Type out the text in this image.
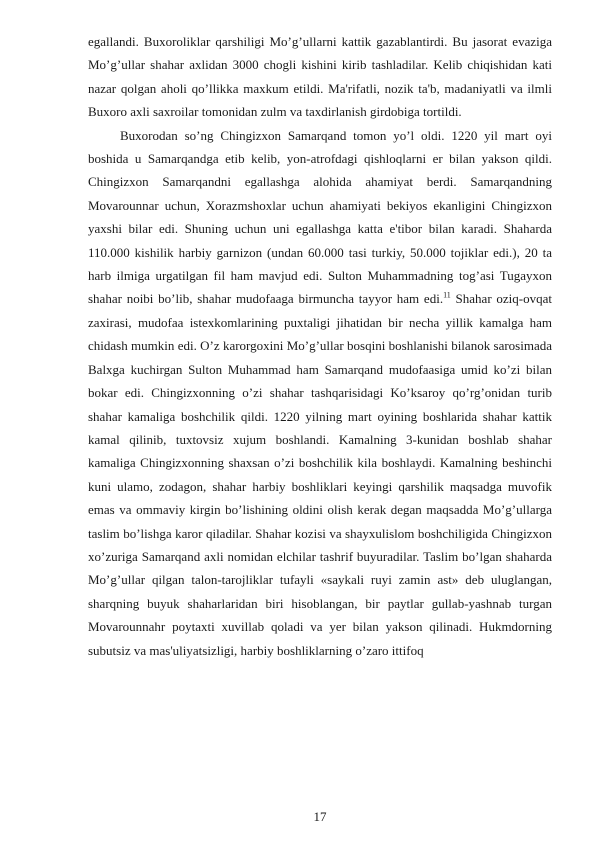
egallandi. Buxoroliklar qarshiligi Mo’g’ullarni kattik gazablantirdi. Bu jasorat evaziga Mo’g’ullar shahar axlidan 3000 chogli kishini kirib tashladilar. Kelib chiqishidan kati nazar qolgan aholi qo’llikka maxkum etildi. Ma'rifatli, nozik ta'b, madaniyatli va ilmli Buxoro axli saxroilar tomonidan zulm va taxdirlanish girdobiga tortildi.

Buxorodan so’ng Chingizxon Samarqand tomon yo’l oldi. 1220 yil mart oyi boshida u Samarqandga etib kelib, yon-atrofdagi qishloqlarni er bilan yakson qildi. Chingizxon Samarqandni egallashga alohida ahamiyat berdi. Samarqandning Movarounnar uchun, Xorazmshoxlar uchun ahamiyati bekiyos ekanligini Chingizxon yaxshi bilar edi. Shuning uchun uni egallashga katta e'tibor bilan karadi. Shaharda 110.000 kishilik harbiy garnizon (undan 60.000 tasi turkiy, 50.000 tojiklar edi.), 20 ta harb ilmiga urgatilgan fil ham mavjud edi. Sulton Muhammadning tog’asi Tugayxon shahar noibi bo’lib, shahar mudofaaga birmuncha tayyor ham edi.$^{11}$ Shahar oziq-ovqat zaxirasi, mudofaa istexkomlarining puxtaligi jihatidan bir necha yillik kamalga ham chidash mumkin edi. O’z karorgoxini Mo’g’ullar bosqini boshlanishi bilanok sarosimada Balxga kuchirgan Sulton Muhammad ham Samarqand mudofaasiga umid ko’zi bilan bokar edi. Chingizxonning o’zi shahar tashqarisidagi Ko’ksaroy qo’rg’onidan turib shahar kamaliga boshchilik qildi. 1220 yilning mart oyining boshlarida shahar kattik kamal qilinib, tuxtovsiz xujum boshlandi. Kamalning 3-kunidan boshlab shahar kamaliga Chingizxonning shaxsan o’zi boshchilik kila boshlaydi. Kamalning beshinchi kuni ulamo, zodagon, shahar harbiy boshliklari keyingi qarshilik maqsadga muvofik emas va ommaviy kirgin bo’lishining oldini olish kerak degan maqsadda Mo’g’ullarga taslim bo’lishga karor qiladilar. Shahar kozisi va shayxulislom boshchiligida Chingizxon xo’zuriga Samarqand axli nomidan elchilar tashrif buyuradilar. Taslim bo’lgan shaharda Mo’g’ullar qilgan talon-tarojliklar tufayli «saykali ruyi zamin ast» deb uluglangan, sharqning buyuk shaharlaridan biri hisoblangan, bir paytlar gullab-yashnab turgan Movarounnahr poytaxti xuvillab qoladi va yer bilan yakson qilinadi. Hukmdorning subutsiz va mas'uliyatsizligi, harbiy boshliklarning o’zaro ittifoq

17
